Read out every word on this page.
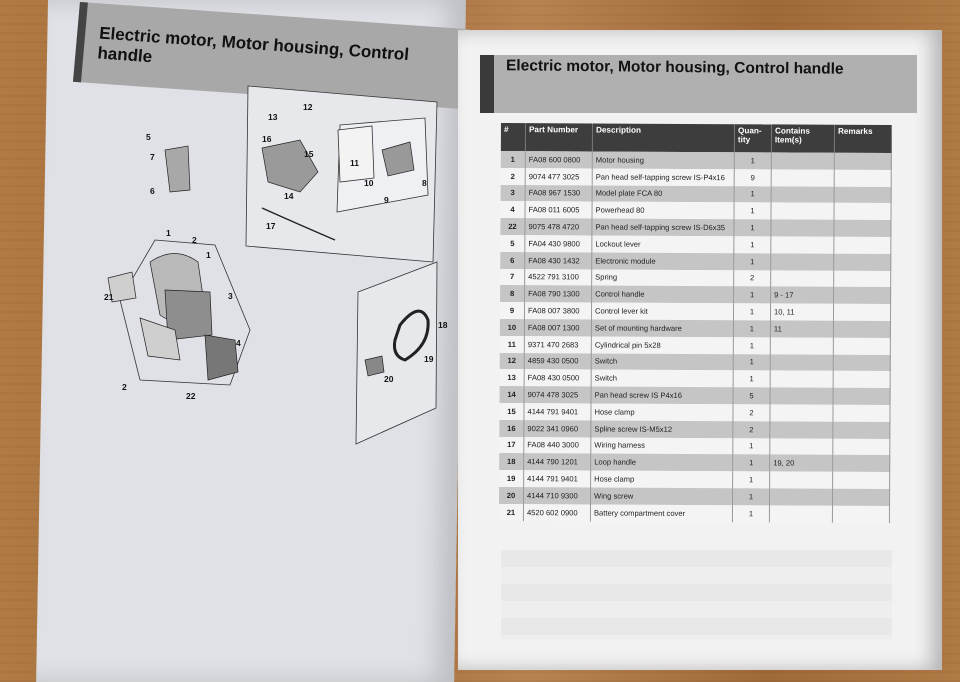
Electric motor, Motor housing, Control handle
12
13
16
15
11
10	8
9
14
17
5
7
6
1
2
1
3
21
4
2
22
18
19
20
Electric motor, Motor housing, Control handle
#	Part Number	Description	Quan-tity	Contains Item(s)	Remarks
1	FA08 600 0800	Motor housing	1		
2	9074 477 3025	Pan head self-tapping screw IS-P4x16	9		
3	FA08 967 1530	Model plate FCA 80	1		
4	FA08 011 6005	Powerhead 80	1		
22	9075 478 4720	Pan head self-tapping screw IS-D6x35	1		
5	FA04 430 9800	Lockout lever	1		
6	FA08 430 1432	Electronic module	1		
7	4522 791 3100	Spring	2		
8	FA08 790 1300	Control handle	1	9 - 17	
9	FA08 007 3800	Control lever kit	1	10, 11	
10	FA08 007 1300	Set of mounting hardware	1	11	
11	9371 470 2683	Cylindrical pin 5x28	1		
12	4859 430 0500	Switch	1		
13	FA08 430 0500	Switch	1		
14	9074 478 3025	Pan head screw IS P4x16	5		
15	4144 791 9401	Hose clamp	2		
16	9022 341 0960	Spline screw IS-M5x12	2		
17	FA08 440 3000	Wiring harness	1		
18	4144 790 1201	Loop handle	1	19, 20	
19	4144 791 9401	Hose clamp	1		
20	4144 710 9300	Wing screw	1		
21	4520 602 0900	Battery compartment cover	1		
